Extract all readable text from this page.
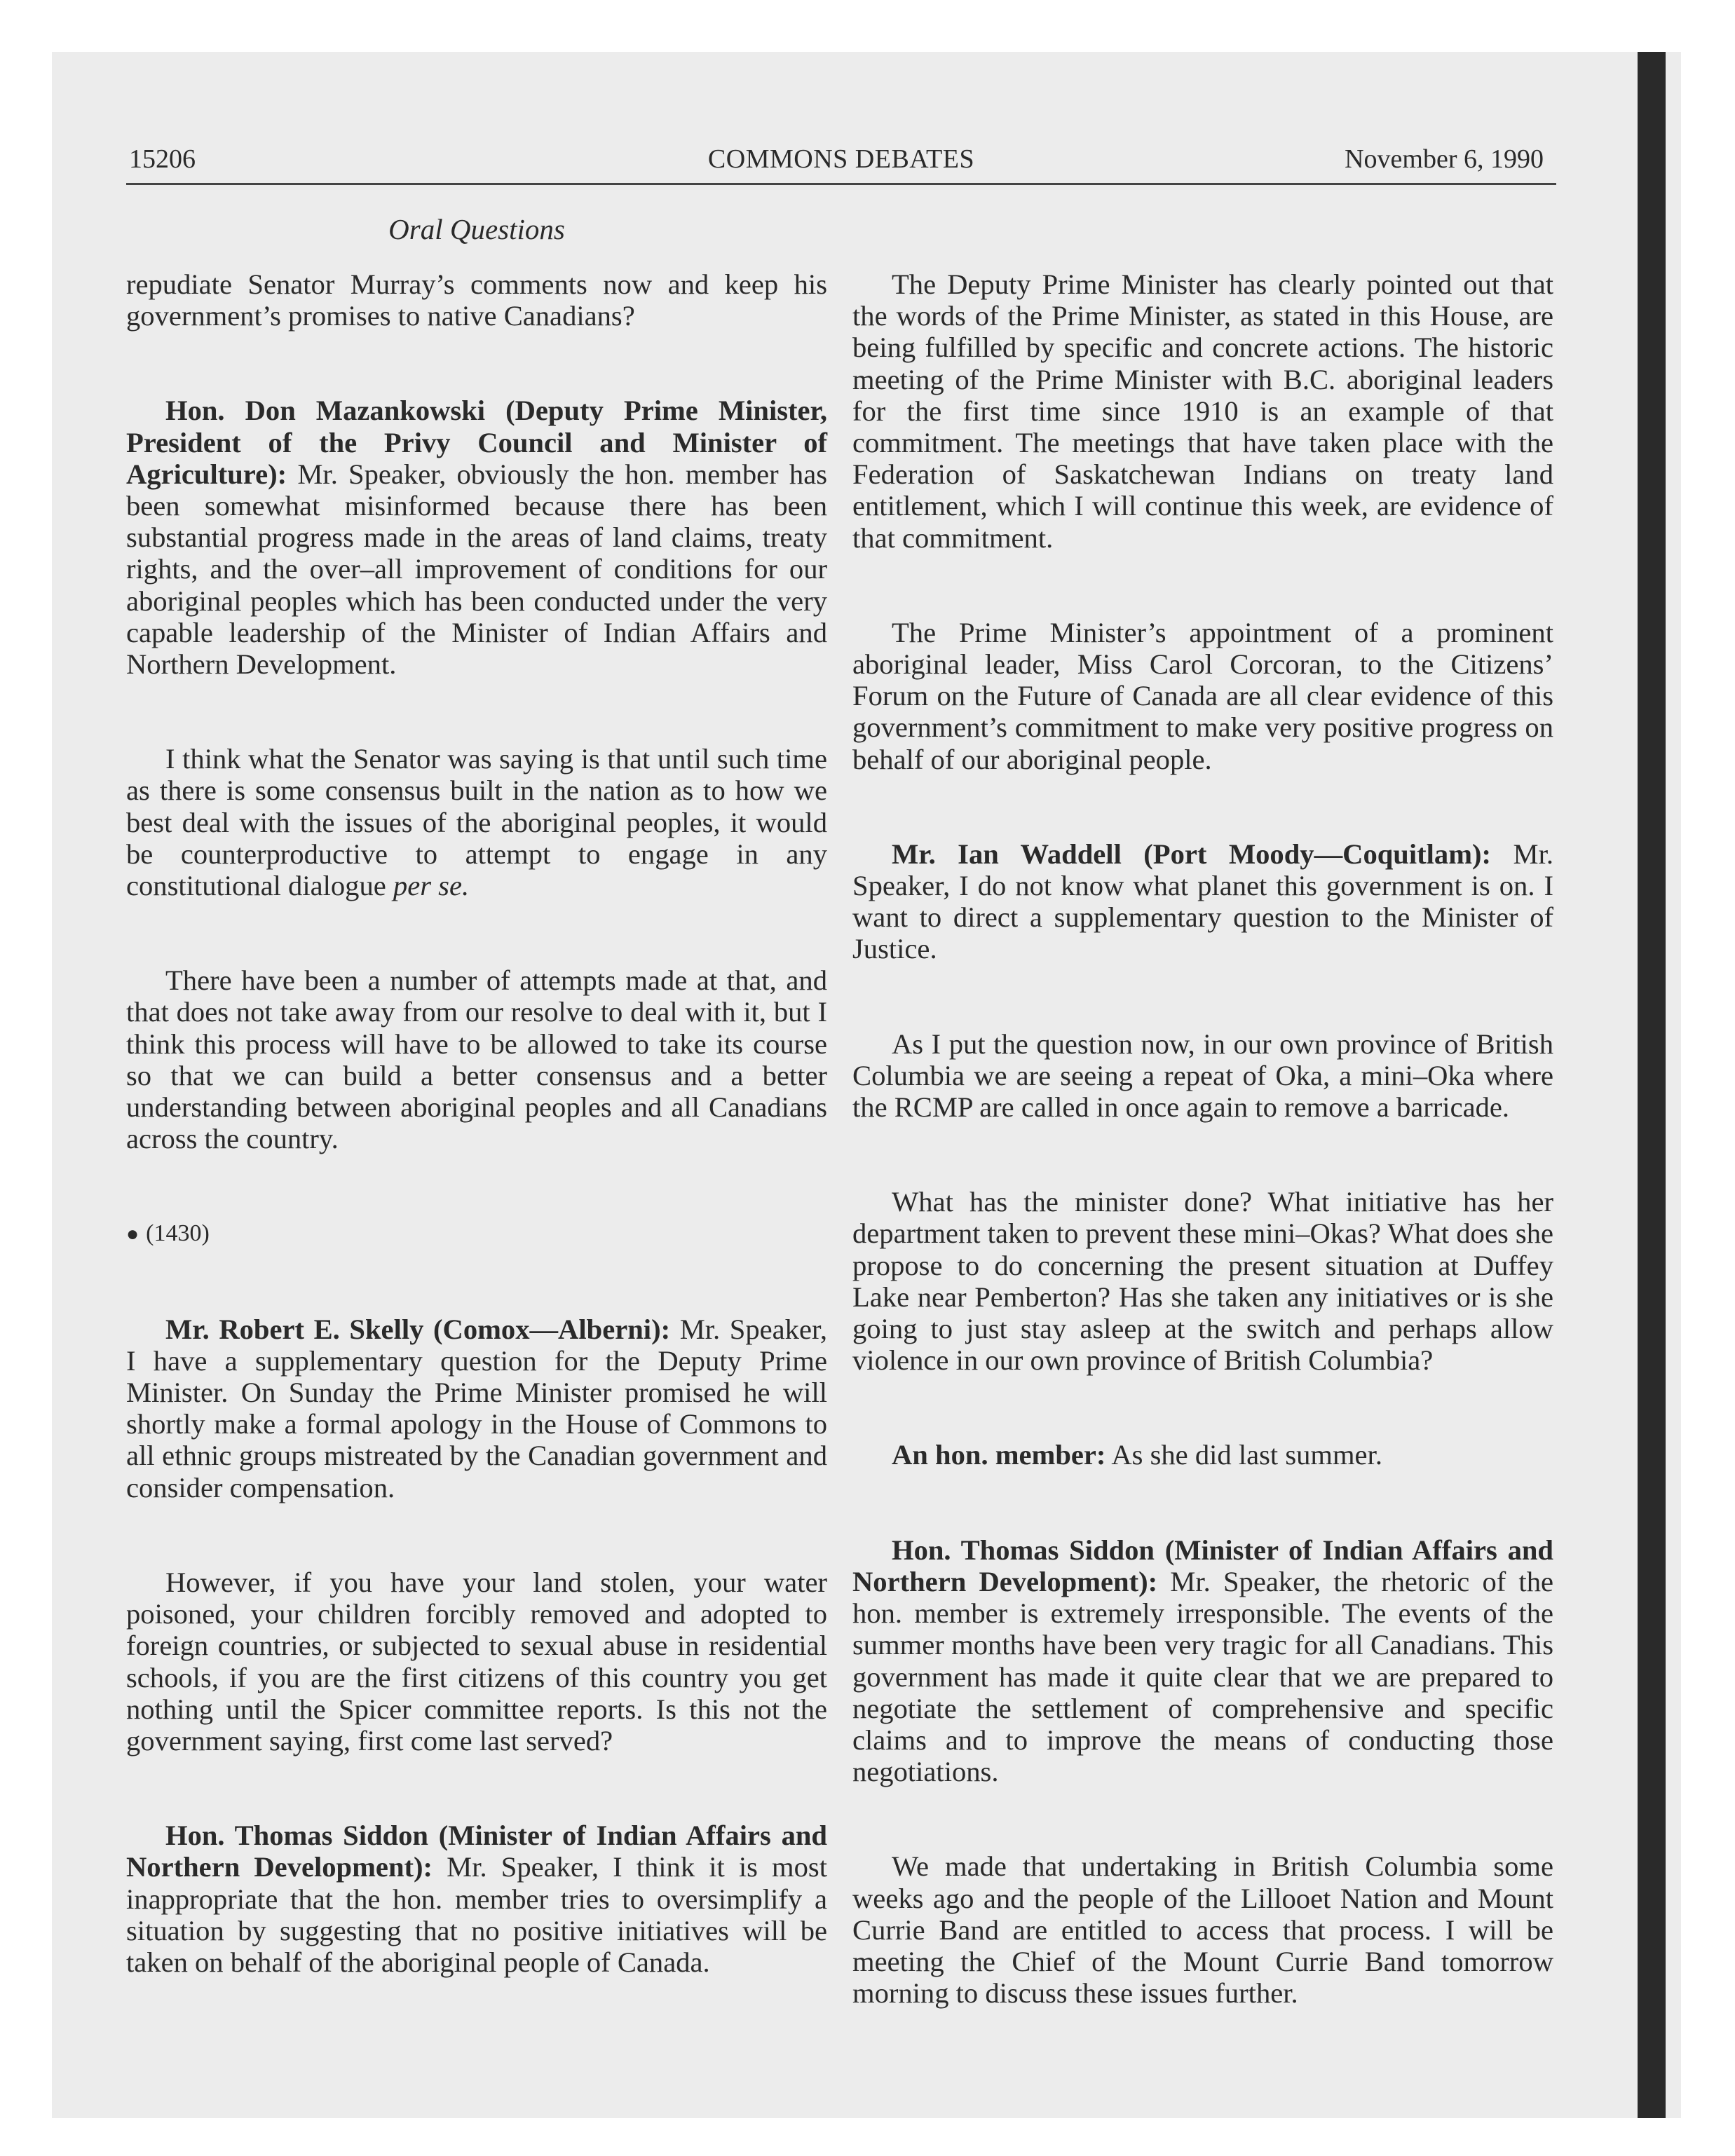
15206	COMMONS DEBATES	November 6, 1990
Oral Questions

repudiate Senator Murray’s comments now and keep his government’s promises to native Canadians?

Hon. Don Mazankowski (Deputy Prime Minister, President of the Privy Council and Minister of Agriculture): Mr. Speaker, obviously the hon. member has been somewhat misinformed because there has been substantial progress made in the areas of land claims, treaty rights, and the over–all improvement of conditions for our aboriginal peoples which has been conducted under the very capable leadership of the Minister of Indian Affairs and Northern Development.

I think what the Senator was saying is that until such time as there is some consensus built in the nation as to how we best deal with the issues of the aboriginal peoples, it would be counterproductive to attempt to engage in any constitutional dialogue per se.

There have been a number of attempts made at that, and that does not take away from our resolve to deal with it, but I think this process will have to be allowed to take its course so that we can build a better consensus and a better understanding between aboriginal peoples and all Canadians across the country.

● (1430)

Mr. Robert E. Skelly (Comox—Alberni): Mr. Speaker, I have a supplementary question for the Deputy Prime Minister. On Sunday the Prime Minister promised he will shortly make a formal apology in the House of Commons to all ethnic groups mistreated by the Canadian government and consider compensation.

However, if you have your land stolen, your water poisoned, your children forcibly removed and adopted to foreign countries, or subjected to sexual abuse in residential schools, if you are the first citizens of this country you get nothing until the Spicer committee reports. Is this not the government saying, first come last served?

Hon. Thomas Siddon (Minister of Indian Affairs and Northern Development): Mr. Speaker, I think it is most inappropriate that the hon. member tries to oversimplify a situation by suggesting that no positive initiatives will be taken on behalf of the aboriginal people of Canada.

The Deputy Prime Minister has clearly pointed out that the words of the Prime Minister, as stated in this House, are being fulfilled by specific and concrete actions. The historic meeting of the Prime Minister with B.C. aboriginal leaders for the first time since 1910 is an example of that commitment. The meetings that have taken place with the Federation of Saskatchewan Indians on treaty land entitlement, which I will continue this week, are evidence of that commitment.

The Prime Minister’s appointment of a prominent aboriginal leader, Miss Carol Corcoran, to the Citizens’ Forum on the Future of Canada are all clear evidence of this government’s commitment to make very positive progress on behalf of our aboriginal people.

Mr. Ian Waddell (Port Moody—Coquitlam): Mr. Speaker, I do not know what planet this government is on. I want to direct a supplementary question to the Minister of Justice.

As I put the question now, in our own province of British Columbia we are seeing a repeat of Oka, a mini–Oka where the RCMP are called in once again to remove a barricade.

What has the minister done? What initiative has her department taken to prevent these mini–Okas? What does she propose to do concerning the present situation at Duffey Lake near Pemberton? Has she taken any initiatives or is she going to just stay asleep at the switch and perhaps allow violence in our own province of British Columbia?

An hon. member: As she did last summer.

Hon. Thomas Siddon (Minister of Indian Affairs and Northern Development): Mr. Speaker, the rhetoric of the hon. member is extremely irresponsible. The events of the summer months have been very tragic for all Canadians. This government has made it quite clear that we are prepared to negotiate the settlement of comprehensive and specific claims and to improve the means of conducting those negotiations.

We made that undertaking in British Columbia some weeks ago and the people of the Lillooet Nation and Mount Currie Band are entitled to access that process. I will be meeting the Chief of the Mount Currie Band tomorrow morning to discuss these issues further.
